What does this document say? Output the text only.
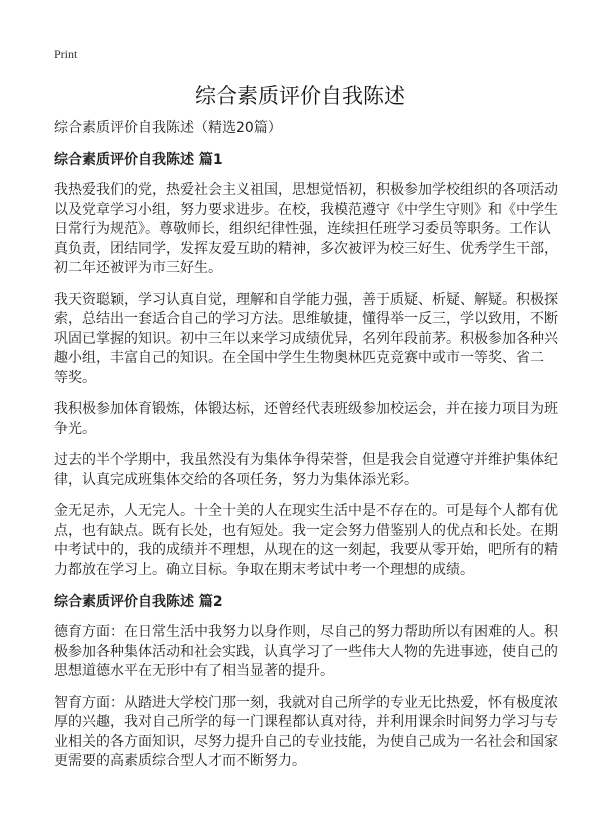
Print
综合素质评价自我陈述
综合素质评价自我陈述（精选20篇）
综合素质评价自我陈述 篇1
我热爱我们的党，热爱社会主义祖国，思想觉悟初，积极参加学校组织的各项活动
以及党章学习小组，努力要求进步。在校，我模范遵守《中学生守则》和《中学生
日常行为规范》。尊敬师长，组织纪律性强，连续担任班学习委员等职务。工作认
真负责，团结同学，发挥友爱互助的精神，多次被评为校三好生、优秀学生干部，
初二年还被评为市三好生。
我天资聪颖，学习认真自觉，理解和自学能力强，善于质疑、析疑、解疑。积极探
索，总结出一套适合自己的学习方法。思维敏捷，懂得举一反三，学以致用，不断
巩固已掌握的知识。初中三年以来学习成绩优异，名列年段前茅。积极参加各种兴
趣小组，丰富自己的知识。在全国中学生生物奥林匹克竞赛中或市一等奖、省二
等奖。
我积极参加体育锻炼，体锻达标，还曾经代表班级参加校运会，并在接力项目为班
争光。
过去的半个学期中，我虽然没有为集体争得荣誉，但是我会自觉遵守并维护集体纪
律，认真完成班集体交给的各项任务，努力为集体添光彩。
金无足赤，人无完人。十全十美的人在现实生活中是不存在的。可是每个人都有优
点，也有缺点。既有长处，也有短处。我一定会努力借鉴别人的优点和长处。在期
中考试中的，我的成绩并不理想，从现在的这一刻起，我要从零开始，吧所有的精
力都放在学习上。确立目标。争取在期末考试中考一个理想的成绩。
综合素质评价自我陈述 篇2
德育方面：在日常生活中我努力以身作则，尽自己的努力帮助所以有困难的人。积
极参加各种集体活动和社会实践，认真学习了一些伟大人物的先进事迹，使自己的
思想道德水平在无形中有了相当显著的提升。
智育方面：从踏进大学校门那一刻，我就对自己所学的专业无比热爱，怀有极度浓
厚的兴趣，我对自己所学的每一门课程都认真对待，并利用课余时间努力学习与专
业相关的各方面知识，尽努力提升自己的专业技能，为使自己成为一名社会和国家
更需要的高素质综合型人才而不断努力。
